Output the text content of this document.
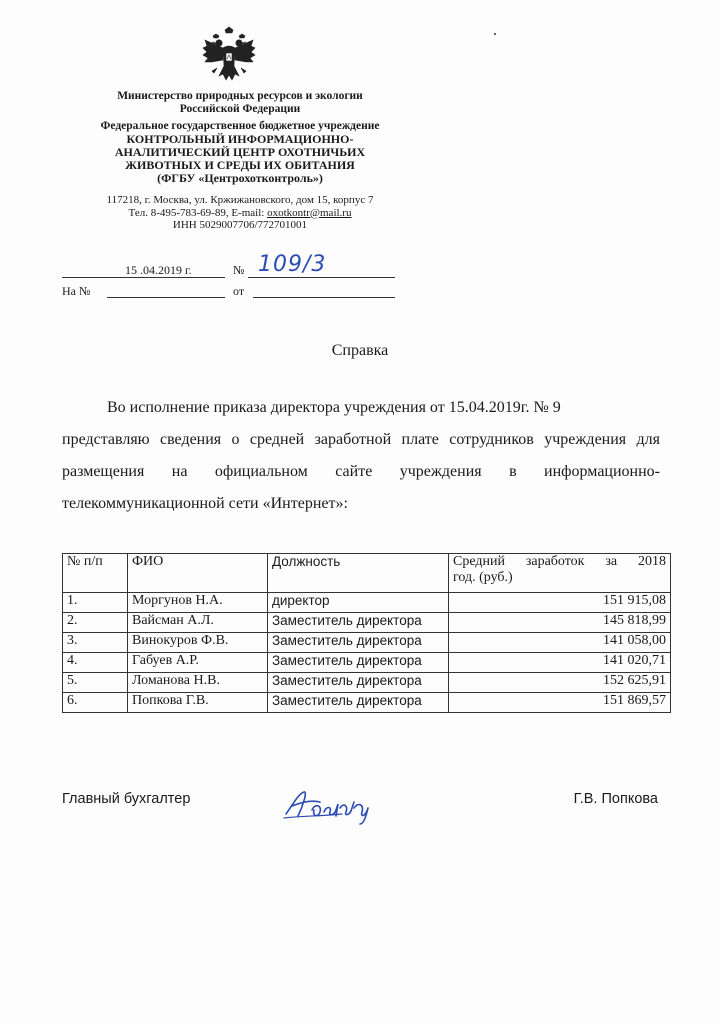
Министерство природных ресурсов и экологии
Российской Федерации
Федеральное государственное бюджетное учреждение
КОНТРОЛЬНЫЙ ИНФОРМАЦИОННО-
АНАЛИТИЧЕСКИЙ ЦЕНТР ОХОТНИЧЬИХ
ЖИВОТНЫХ И СРЕДЫ ИХ ОБИТАНИЯ
(ФГБУ «Центрохотконтроль»)
117218, г. Москва, ул. Кржижановского, дом 15, корпус 7
Тел. 8-495-783-69-89, E-mail: oxotkontr@mail.ru
ИНН 5029007706/772701001
15 .04.2019 г.	№ 109/3
На №	от
Справка
Во исполнение приказа директора учреждения от 15.04.2019г. № 9
представляю сведения о средней заработной плате сотрудников учреждения для
размещения на официальном сайте учреждения в информационно-
телекоммуникационной сети «Интернет»:
№ п/п	ФИО	Должность	Средний заработок за 2018
год. (руб.)
1.	Моргунов Н.А.	директор	151 915,08
2.	Вайсман А.Л.	Заместитель директора	145 818,99
3.	Винокуров Ф.В.	Заместитель директора	141 058,00
4.	Габуев А.Р.	Заместитель директора	141 020,71
5.	Ломанова Н.В.	Заместитель директора	152 625,91
6.	Попкова Г.В.	Заместитель директора	151 869,57
Главный бухгалтер	Г.В. Попкова
